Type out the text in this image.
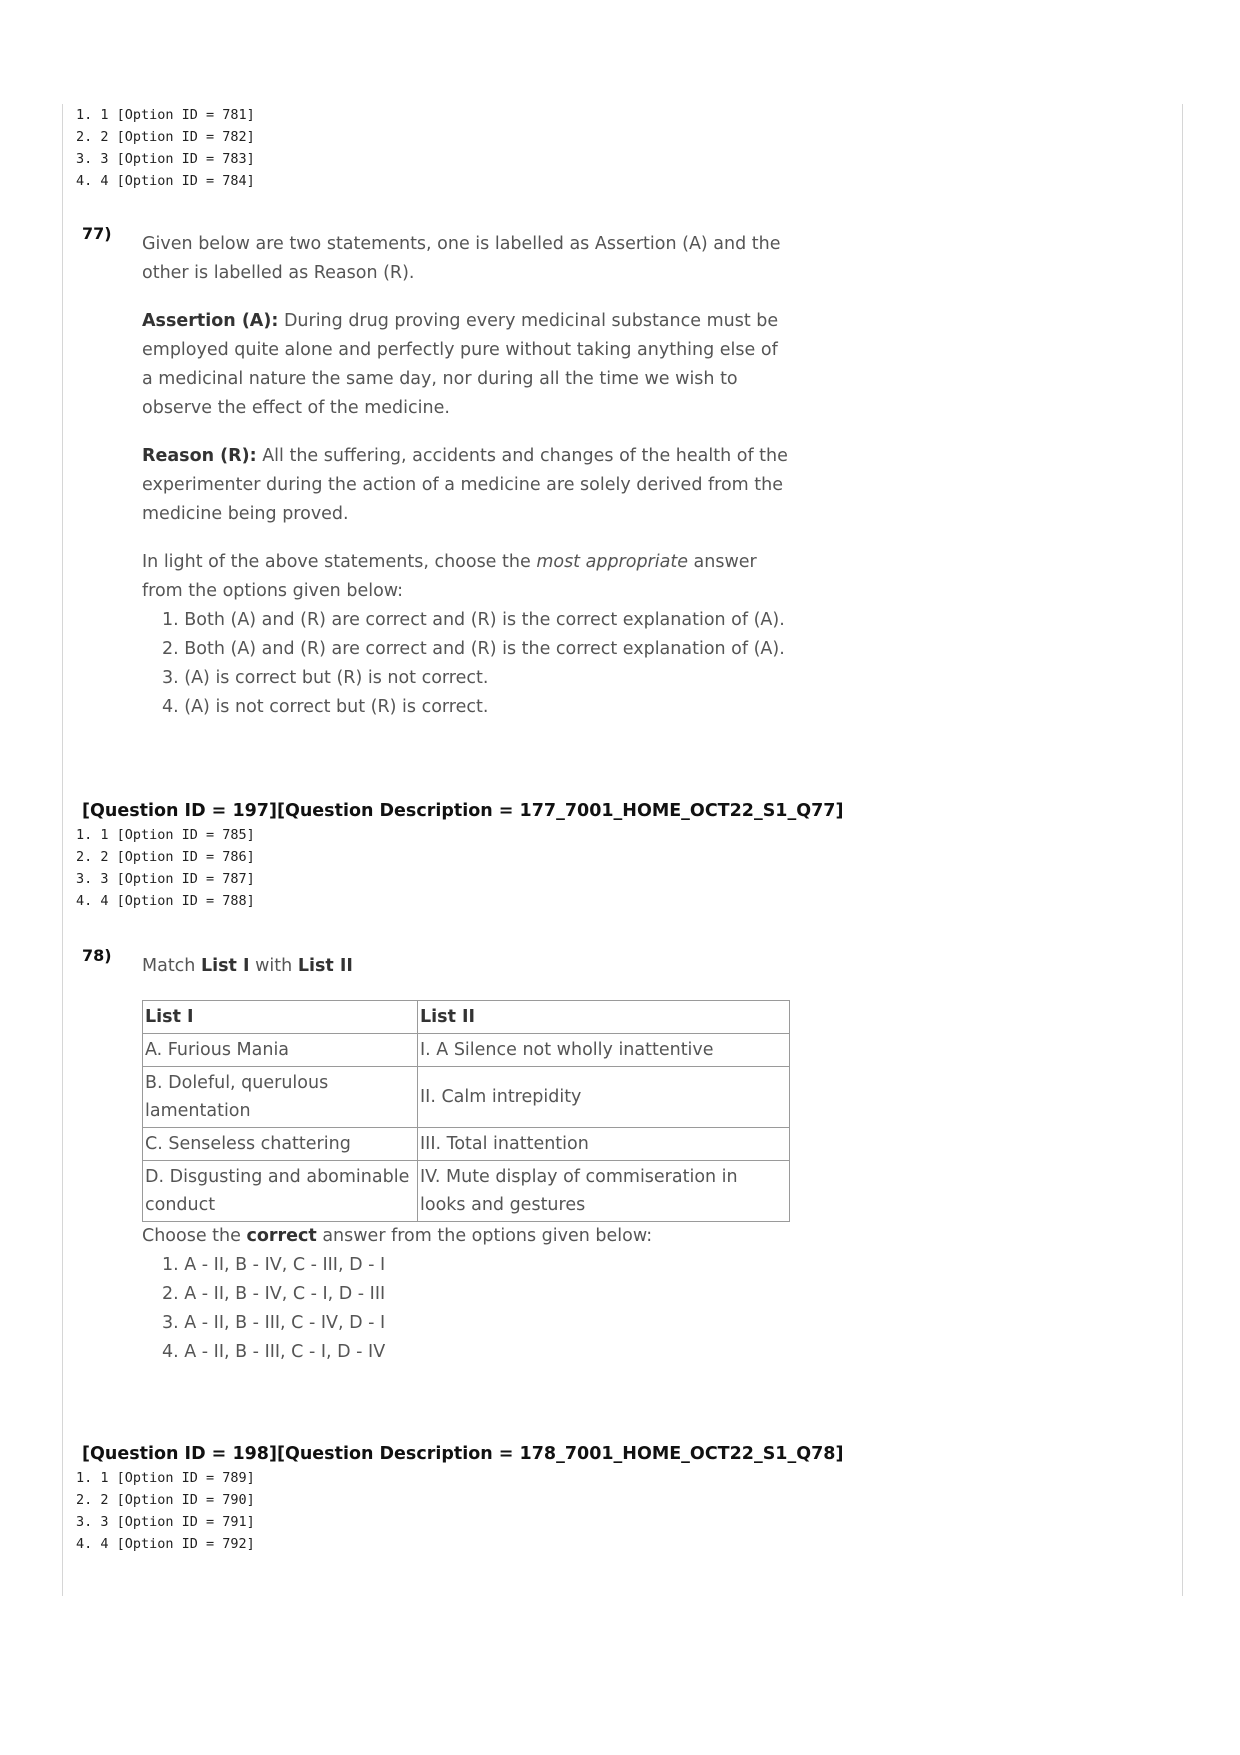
1. 1 [Option ID = 781]
2. 2 [Option ID = 782]
3. 3 [Option ID = 783]
4. 4 [Option ID = 784]
77)

Given below are two statements, one is labelled as Assertion (A) and the
other is labelled as Reason (R).

Assertion (A): During drug proving every medicinal substance must be employed quite alone and perfectly pure without taking anything else of a medicinal nature the same day, nor during all the time we wish to observe the effect of the medicine.

Reason (R): All the suffering, accidents and changes of the health of the experimenter during the action of a medicine are solely derived from the medicine being proved.

In light of the above statements, choose the most appropriate answer from the options given below:

1. Both (A) and (R) are correct and (R) is the correct explanation of (A).
2. Both (A) and (R) are correct and (R) is the correct explanation of (A).
3. (A) is correct but (R) is not correct.
4. (A) is not correct but (R) is correct.
[Question ID = 197][Question Description = 177_7001_HOME_OCT22_S1_Q77]
1. 1 [Option ID = 785]
2. 2 [Option ID = 786]
3. 3 [Option ID = 787]
4. 4 [Option ID = 788]
78)

Match List I with List II

List I	List II
A. Furious Mania	I. A Silence not wholly inattentive
B. Doleful, querulous lamentation	II. Calm intrepidity
C. Senseless chattering	III. Total inattention
D. Disgusting and abominable conduct	IV. Mute display of commiseration in looks and gestures

Choose the correct answer from the options given below:

1. A - II, B - IV, C - III, D - I
2. A - II, B - IV, C - I, D - III
3. A - II, B - III, C - IV, D - I
4. A - II, B - III, C - I, D - IV
[Question ID = 198][Question Description = 178_7001_HOME_OCT22_S1_Q78]
1. 1 [Option ID = 789]
2. 2 [Option ID = 790]
3. 3 [Option ID = 791]
4. 4 [Option ID = 792]
